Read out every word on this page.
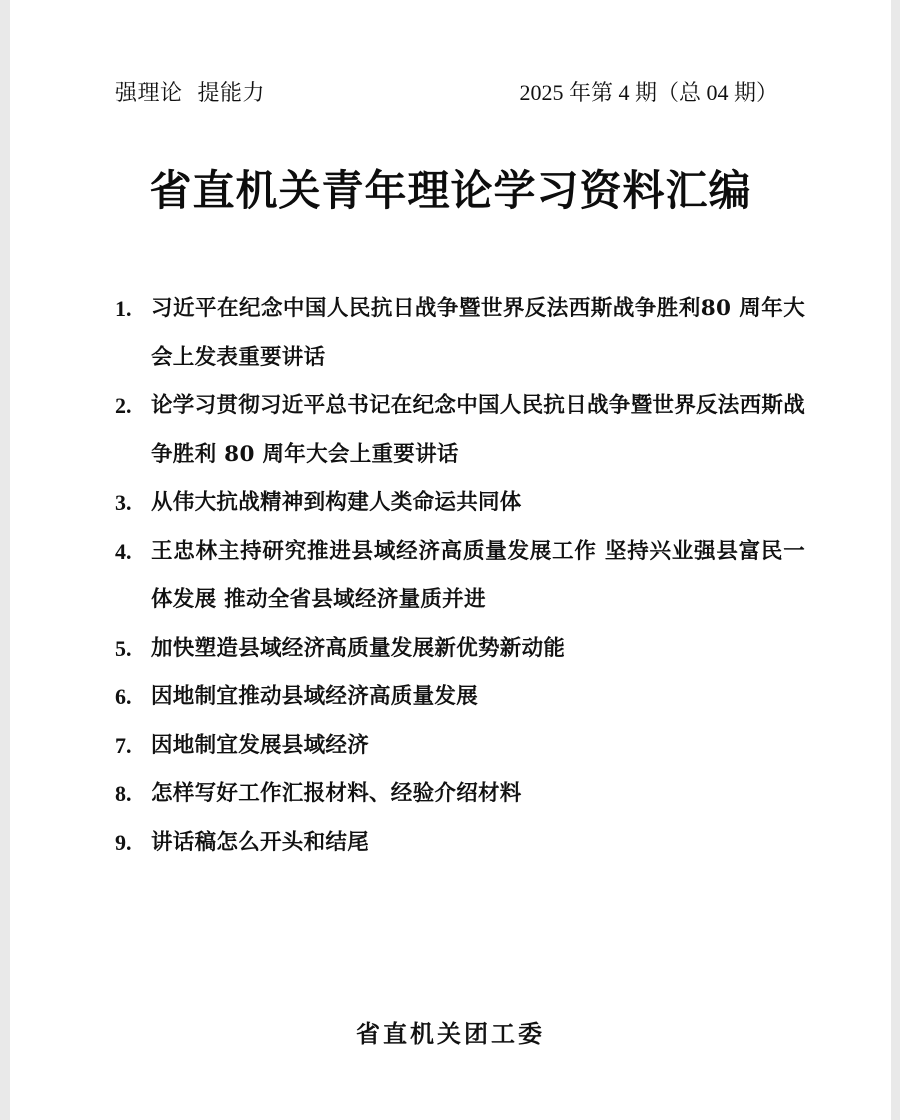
强理论  提能力	2025 年第 4 期（总 04 期）
省直机关青年理论学习资料汇编
1. 习近平在纪念中国人民抗日战争暨世界反法西斯战争胜利80 周年大会上发表重要讲话
2. 论学习贯彻习近平总书记在纪念中国人民抗日战争暨世界反法西斯战争胜利 80 周年大会上重要讲话
3. 从伟大抗战精神到构建人类命运共同体
4. 王忠林主持研究推进县域经济高质量发展工作 坚持兴业强县富民一体发展 推动全省县域经济量质并进
5. 加快塑造县域经济高质量发展新优势新动能
6. 因地制宜推动县域经济高质量发展
7. 因地制宜发展县域经济
8. 怎样写好工作汇报材料、经验介绍材料
9. 讲话稿怎么开头和结尾
省直机关团工委
